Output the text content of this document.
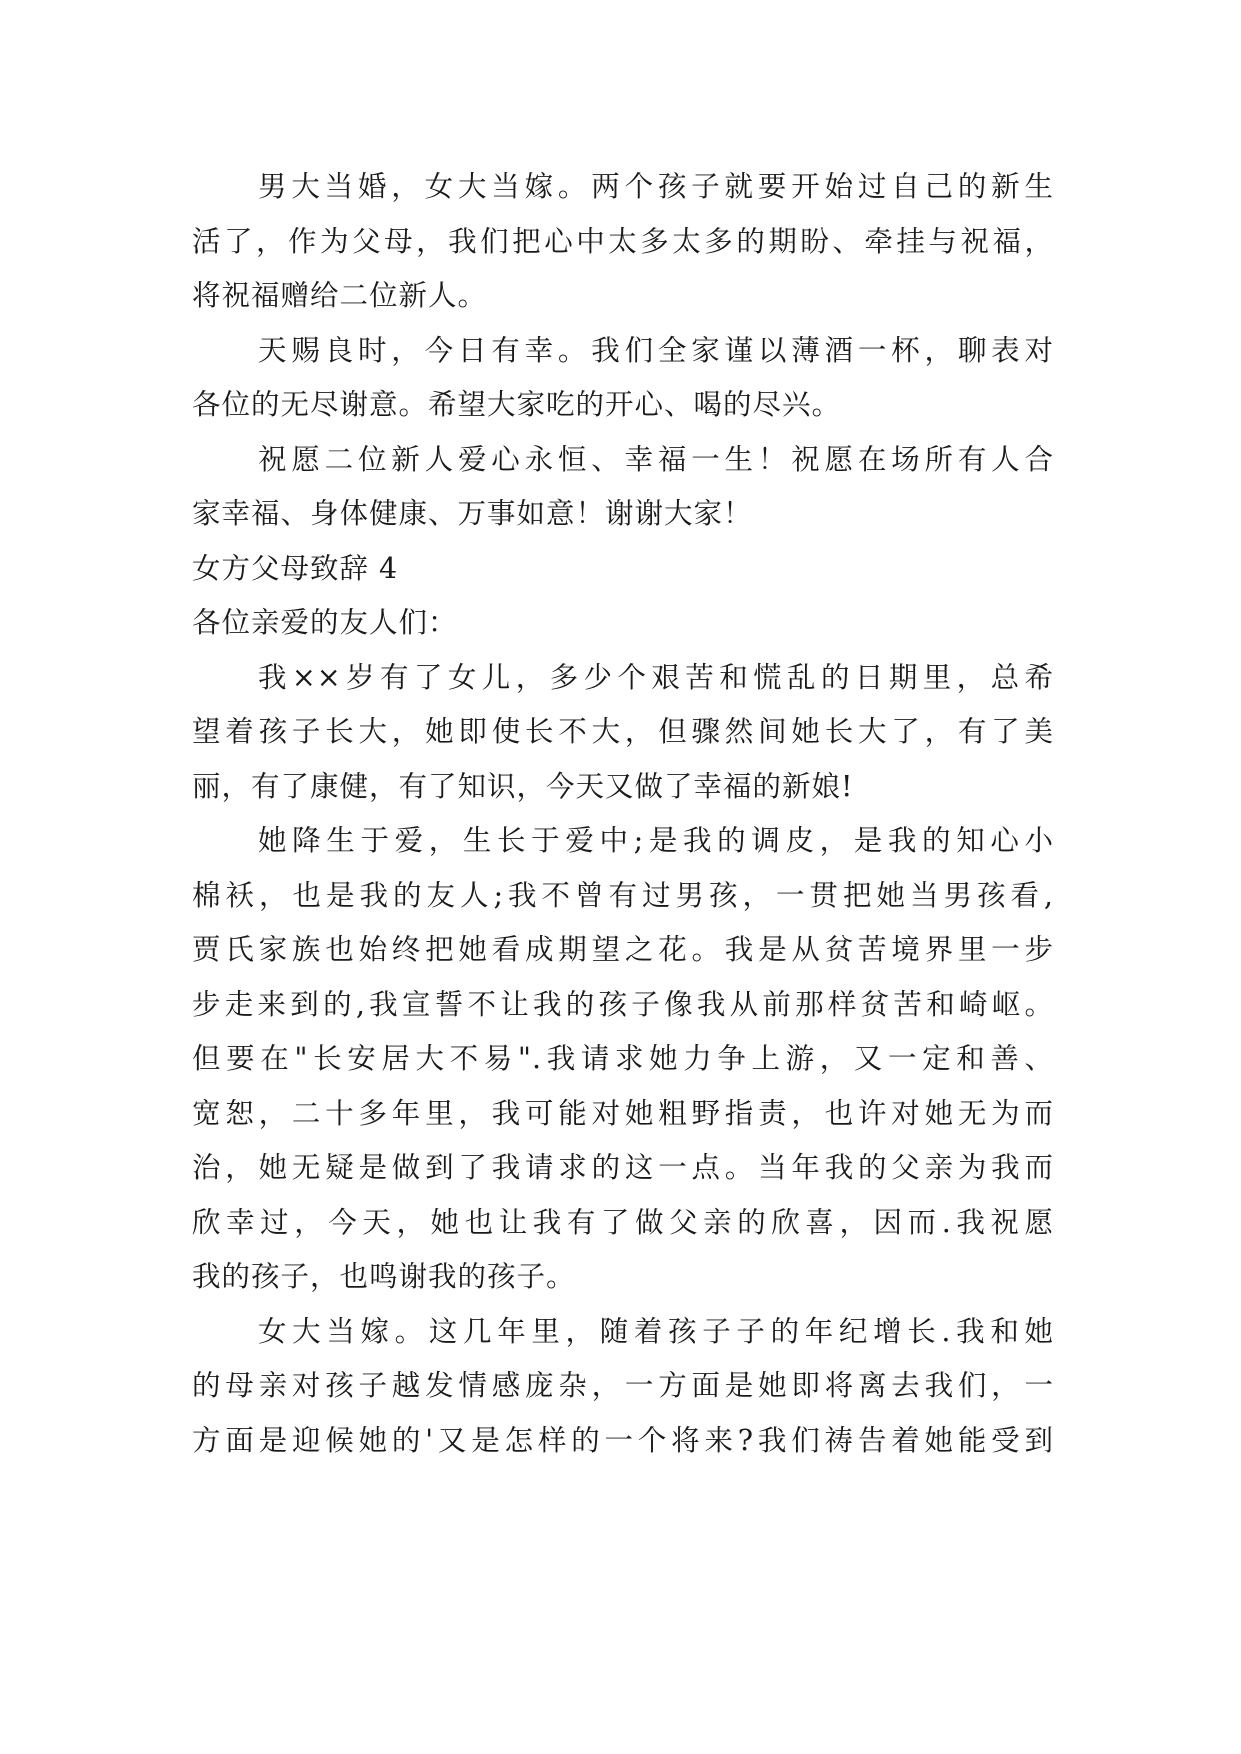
男大当婚，女大当嫁。两个孩子就要开始过自己的新生
活了，作为父母，我们把心中太多太多的期盼、牵挂与祝福，
将祝福赠给二位新人。
天赐良时，今日有幸。我们全家谨以薄酒一杯，聊表对
各位的无尽谢意。希望大家吃的开心、喝的尽兴。
祝愿二位新人爱心永恒、幸福一生！祝愿在场所有人合
家幸福、身体健康、万事如意！谢谢大家！
女方父母致辞 4
各位亲爱的友人们：
我××岁有了女儿，多少个艰苦和慌乱的日期里，总希
望着孩子长大，她即使长不大，但骤然间她长大了，有了美
丽，有了康健，有了知识，今天又做了幸福的新娘!
她降生于爱，生长于爱中;是我的调皮，是我的知心小
棉袄，也是我的友人;我不曾有过男孩，一贯把她当男孩看,
贾氏家族也始终把她看成期望之花。我是从贫苦境界里一步
步走来到的,我宣誓不让我的孩子像我从前那样贫苦和崎岖。
但要在"长安居大不易".我请求她力争上游，又一定和善、
宽恕，二十多年里，我可能对她粗野指责，也许对她无为而
治，她无疑是做到了我请求的这一点。当年我的父亲为我而
欣幸过，今天，她也让我有了做父亲的欣喜，因而.我祝愿
我的孩子，也鸣谢我的孩子。
女大当嫁。这几年里，随着孩子子的年纪增长.我和她
的母亲对孩子越发情感庞杂，一方面是她即将离去我们，一
方面是迎候她的'又是怎样的一个将来?我们祷告着她能受到
